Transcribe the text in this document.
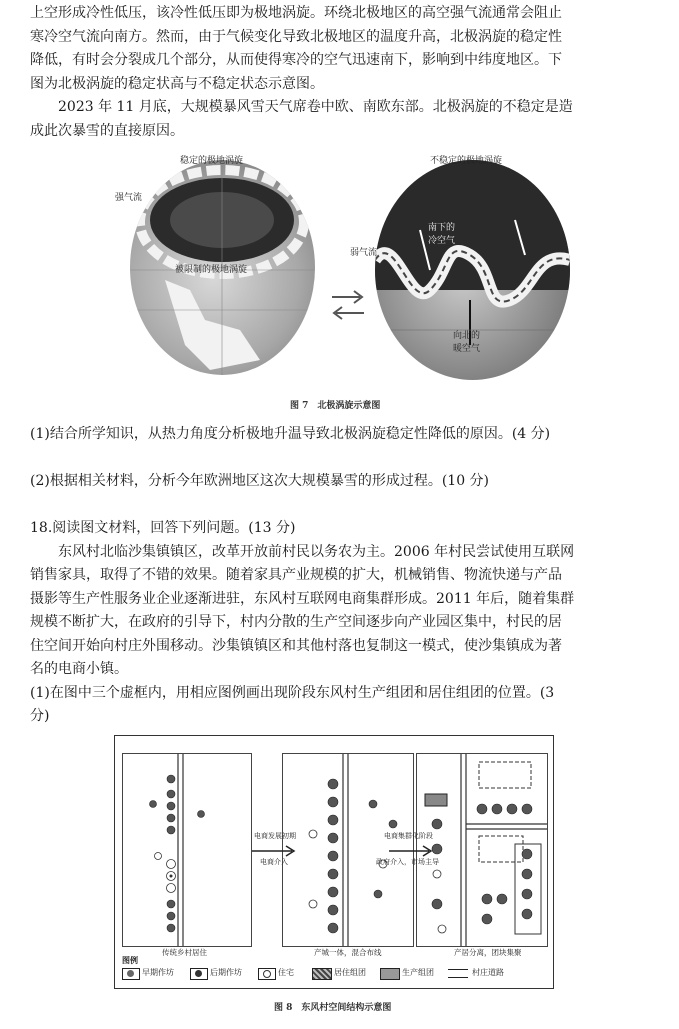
上空形成冷性低压，该冷性低压即为极地涡旋。环绕北极地区的高空强气流通常会阻止
寒冷空气流向南方。然而，由于气候变化导致北极地区的温度升高，北极涡旋的稳定性
降低，有时会分裂成几个部分，从而使得寒冷的空气迅速南下，影响到中纬度地区。下
图为北极涡旋的稳定状高与不稳定状态示意图。
2023 年 11 月底，大规模暴风雪天气席卷中欧、南欧东部。北极涡旋的不稳定是造
成此次暴雪的直接原因。
稳定的极地涡旋
强气流
被限制的极地涡旋
不稳定的极地涡旋
弱气流
南下的冷空气
向北的暖空气
图 7　北极涡旋示意图
(1)结合所学知识，从热力角度分析极地升温导致北极涡旋稳定性降低的原因。(4 分)
(2)根据相关材料，分析今年欧洲地区这次大规模暴雪的形成过程。(10 分)
18.阅读图文材料，回答下列问题。(13 分)
东风村北临沙集镇镇区，改革开放前村民以务农为主。2006 年村民尝试使用互联网
销售家具，取得了不错的效果。随着家具产业规模的扩大，机械销售、物流快递与产品
摄影等生产性服务业企业逐渐进驻，东风村互联网电商集群形成。2011 年后，随着集群
规模不断扩大，在政府的引导下，村内分散的生产空间逐步向产业园区集中，村民的居
住空间开始向村庄外围移动。沙集镇镇区和其他村落也复制这一模式，使沙集镇成为著
名的电商小镇。
(1)在图中三个虚框内，用相应图例画出现阶段东风村生产组团和居住组团的位置。(3
分)
电商发展初期
电商介入
电商集群化阶段
政府介入，市场主导
传统乡村居住	产城一体，混合布线	产居分离，团块集聚
图例
早期作坊	后期作坊	住宅	居住组团	生产组团	村庄道路
图 8　东风村空间结构示意图
